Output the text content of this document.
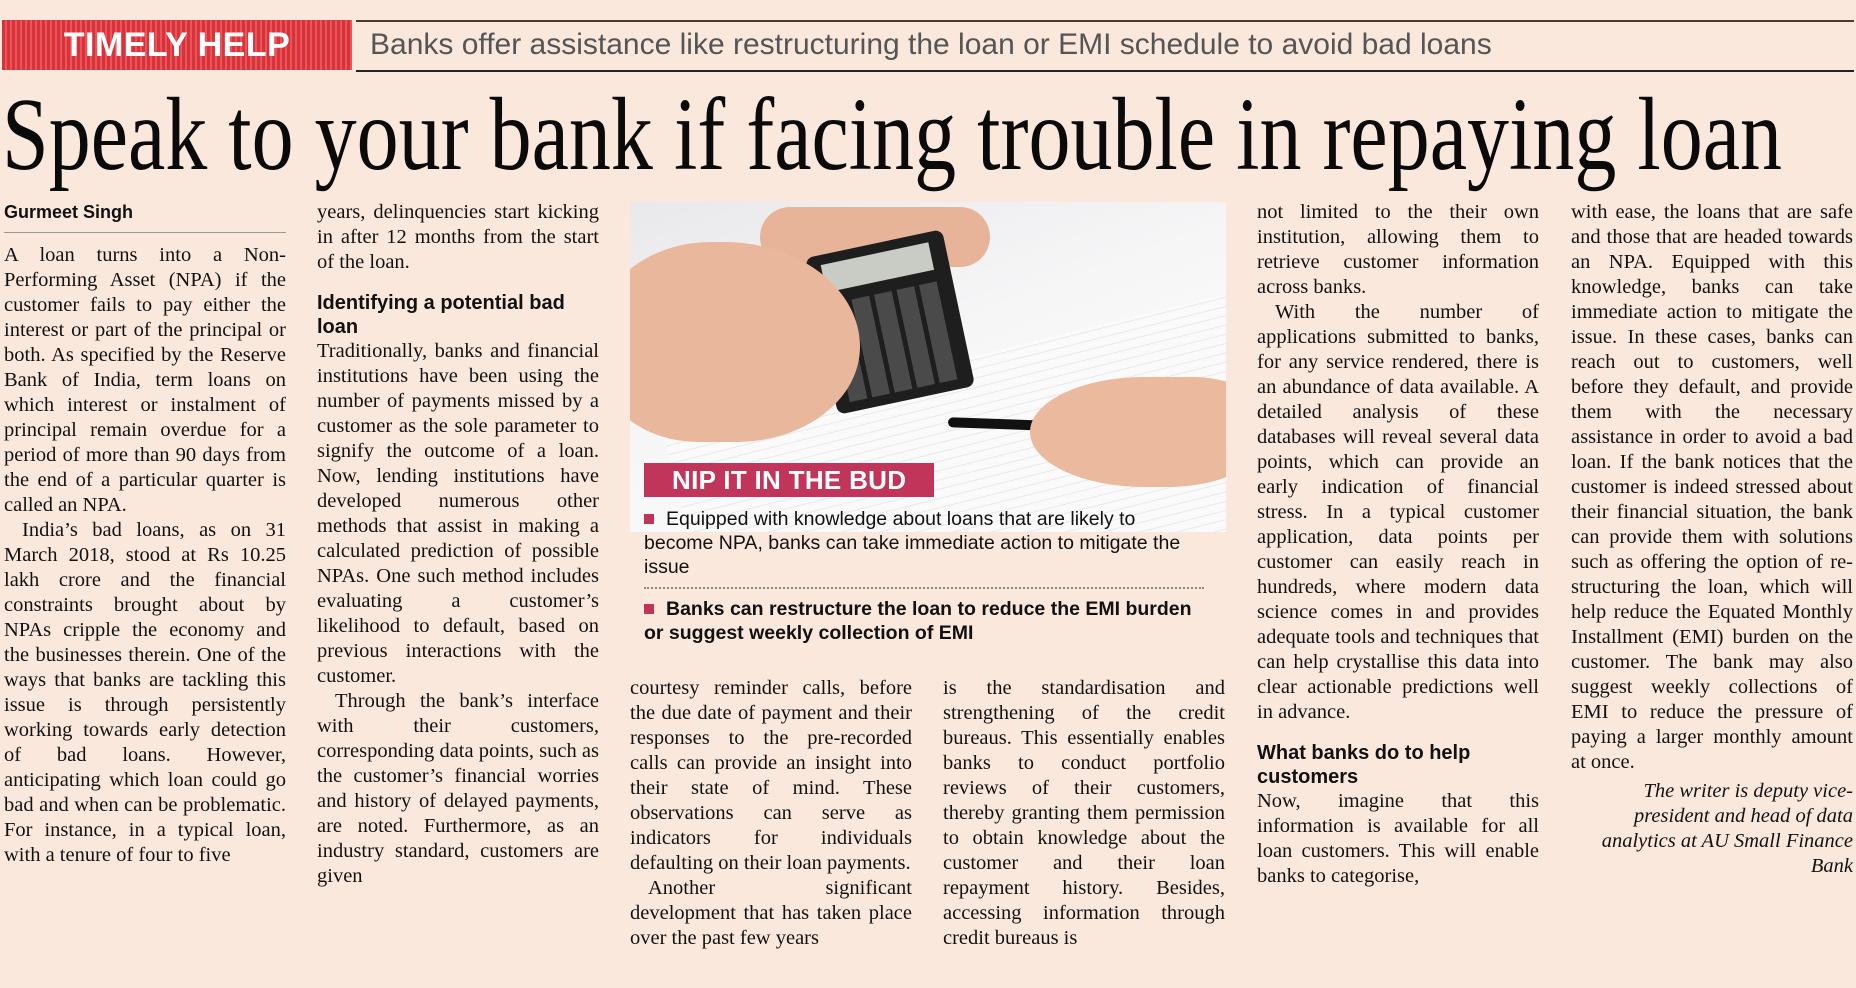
TIMELY HELP	Banks offer assistance like restructuring the loan or EMI schedule to avoid bad loans
Speak to your bank if facing trouble in repaying loan
Gurmeet Singh

A loan turns into a Non-Performing Asset (NPA) if the customer fails to pay either the interest or part of the principal or both. As specified by the Reserve Bank of India, term loans on which interest or instalment of principal remain overdue for a period of more than 90 days from the end of a particular quarter is called an NPA.

India’s bad loans, as on 31 March 2018, stood at Rs 10.25 lakh crore and the financial constraints brought about by NPAs cripple the economy and the businesses therein. One of the ways that banks are tackling this issue is through persistently working towards early detection of bad loans. However, anticipating which loan could go bad and when can be problematic. For instance, in a typical loan, with a tenure of four to five

years, delinquencies start kicking in after 12 months from the start of the loan.

Identifying a potential bad loan

Traditionally, banks and financial institutions have been using the number of payments missed by a customer as the sole parameter to signify the outcome of a loan. Now, lending institutions have developed numerous other methods that assist in making a calculated prediction of possible NPAs. One such method includes evaluating a customer’s likelihood to default, based on previous interactions with the customer.

Through the bank’s interface with their customers, corresponding data points, such as the customer’s financial worries and history of delayed payments, are noted. Furthermore, as an industry standard, customers are given

NIP IT IN THE BUD
Equipped with knowledge about loans that are likely to become NPA, banks can take immediate action to mitigate the issue
Banks can restructure the loan to reduce the EMI burden or suggest weekly collection of EMI

courtesy reminder calls, before the due date of payment and their responses to the pre-recorded calls can provide an insight into their state of mind. These observations can serve as indicators for individuals defaulting on their loan payments.

Another significant development that has taken place over the past few years

is the standardisation and strengthening of the credit bureaus. This essentially enables banks to conduct portfolio reviews of their customers, thereby granting them permission to obtain knowledge about the customer and their loan repayment history. Besides, accessing information through credit bureaus is

not limited to the their own institution, allowing them to retrieve customer information across banks.

With the number of applications submitted to banks, for any service rendered, there is an abundance of data available. A detailed analysis of these databases will reveal several data points, which can provide an early indication of financial stress. In a typical customer application, data points per customer can easily reach in hundreds, where modern data science comes in and provides adequate tools and techniques that can help crystallise this data into clear actionable predictions well in advance.

What banks do to help customers

Now, imagine that this information is available for all loan customers. This will enable banks to categorise,

with ease, the loans that are safe and those that are headed towards an NPA. Equipped with this knowledge, banks can take immediate action to mitigate the issue. In these cases, banks can reach out to customers, well before they default, and provide them with the necessary assistance in order to avoid a bad loan. If the bank notices that the customer is indeed stressed about their financial situation, the bank can provide them with solutions such as offering the option of re-structuring the loan, which will help reduce the Equated Monthly Installment (EMI) burden on the customer. The bank may also suggest weekly collections of EMI to reduce the pressure of paying a larger monthly amount at once.

The writer is deputy vice-president and head of data analytics at AU Small Finance Bank
